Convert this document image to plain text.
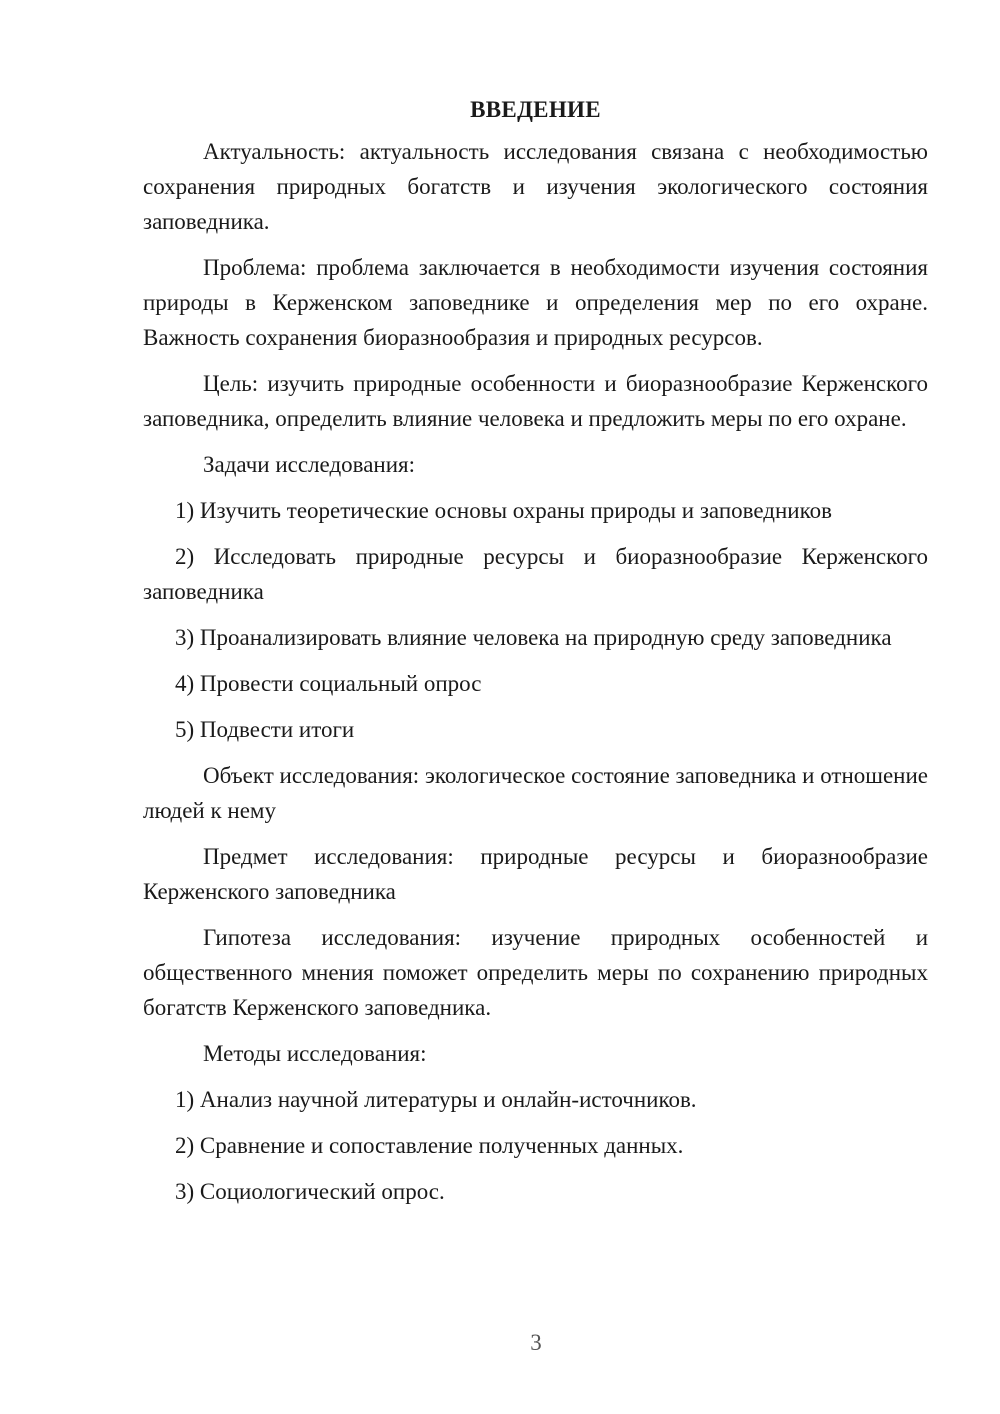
ВВЕДЕНИЕ

Актуальность: актуальность исследования связана с необходимостью сохранения природных богатств и изучения экологического состояния заповедника.

Проблема: проблема заключается в необходимости изучения состояния природы в Керженском заповеднике и определения мер по его охране. Важность сохранения биоразнообразия и природных ресурсов.

Цель: изучить природные особенности и биоразнообразие Керженского заповедника, определить влияние человека и предложить меры по его охране.

Задачи исследования:

1) Изучить теоретические основы охраны природы и заповедников

2) Исследовать природные ресурсы и биоразнообразие Керженского заповедника

3) Проанализировать влияние человека на природную среду заповедника

4) Провести социальный опрос

5) Подвести итоги

Объект исследования: экологическое состояние заповедника и отношение людей к нему

Предмет исследования: природные ресурсы и биоразнообразие Керженского заповедника

Гипотеза исследования: изучение природных особенностей и общественного мнения поможет определить меры по сохранению природных богатств Керженского заповедника.

Методы исследования:

1) Анализ научной литературы и онлайн-источников.

2) Сравнение и сопоставление полученных данных.

3) Социологический опрос.

3
